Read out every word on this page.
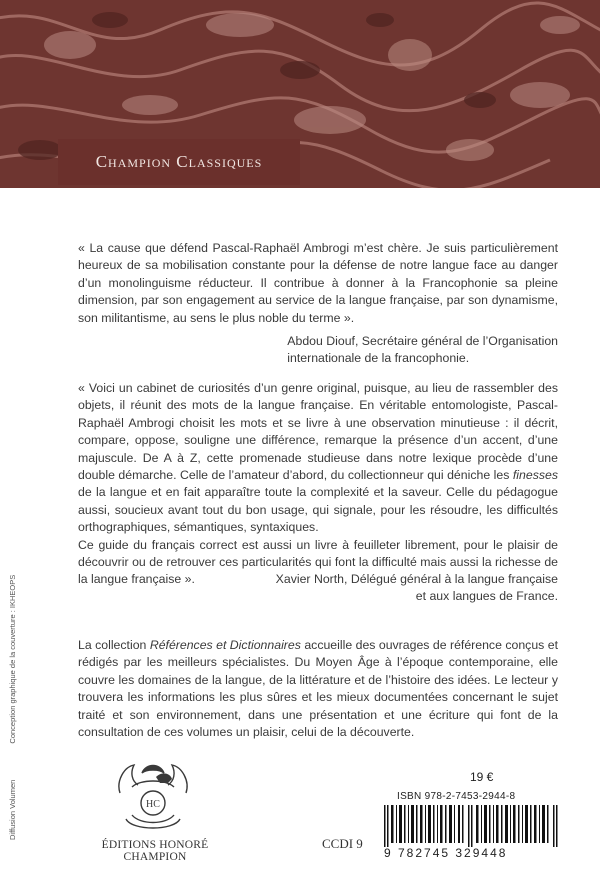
Champion Classiques

« La cause que défend Pascal-Raphaël Ambrogi m’est chère. Je suis particulièrement heureux de sa mobilisation constante pour la défense de notre langue face au danger d’un monolinguisme réducteur. Il contribue à donner à la Francophonie sa pleine dimension, par son engagement au service de la langue française, par son dynamisme, son militantisme, au sens le plus noble du terme ».

Abdou Diouf, Secrétaire général de l’Organisation
internationale de la francophonie.

« Voici un cabinet de curiosités d’un genre original, puisque, au lieu de rassembler des objets, il réunit des mots de la langue française. En véritable entomologiste, Pascal-Raphaël Ambrogi choisit les mots et se livre à une observation minutieuse : il décrit, compare, oppose, souligne une différence, remarque la présence d’un accent, d’une majuscule. De A à Z, cette promenade studieuse dans notre lexique procède d’une double démarche. Celle de l’amateur d’abord, du collectionneur qui déniche les finesses de la langue et en fait apparaître toute la complexité et la saveur. Celle du pédagogue aussi, soucieux avant tout du bon usage, qui signale, pour les résoudre, les difficultés orthographiques, sémantiques, syntaxiques.

Ce guide du français correct est aussi un livre à feuilleter librement, pour le plaisir de découvrir ou de retrouver ces particularités qui font la difficulté mais aussi la richesse de la langue française ».	Xavier North, Délégué général à la langue française
et aux langues de France.

La collection Références et Dictionnaires accueille des ouvrages de référence conçus et rédigés par les meilleurs spécialistes. Du Moyen Âge à l’époque contemporaine, elle couvre les domaines de la langue, de la littérature et de l’histoire des idées. Le lecteur y trouvera les informations les plus sûres et les mieux documentées concernant le sujet traité et son environnement, dans une présentation et une écriture qui font de la consultation de ces volumes un plaisir, celui de la découverte.

Diffusion Volumen Conception graphique de la couverture : IKHEOPS
HC
ÉDITIONS HONORÉ CHAMPION
CCDI 9
19 €
ISBN 978-2-7453-2944-8
9 782745 329448
